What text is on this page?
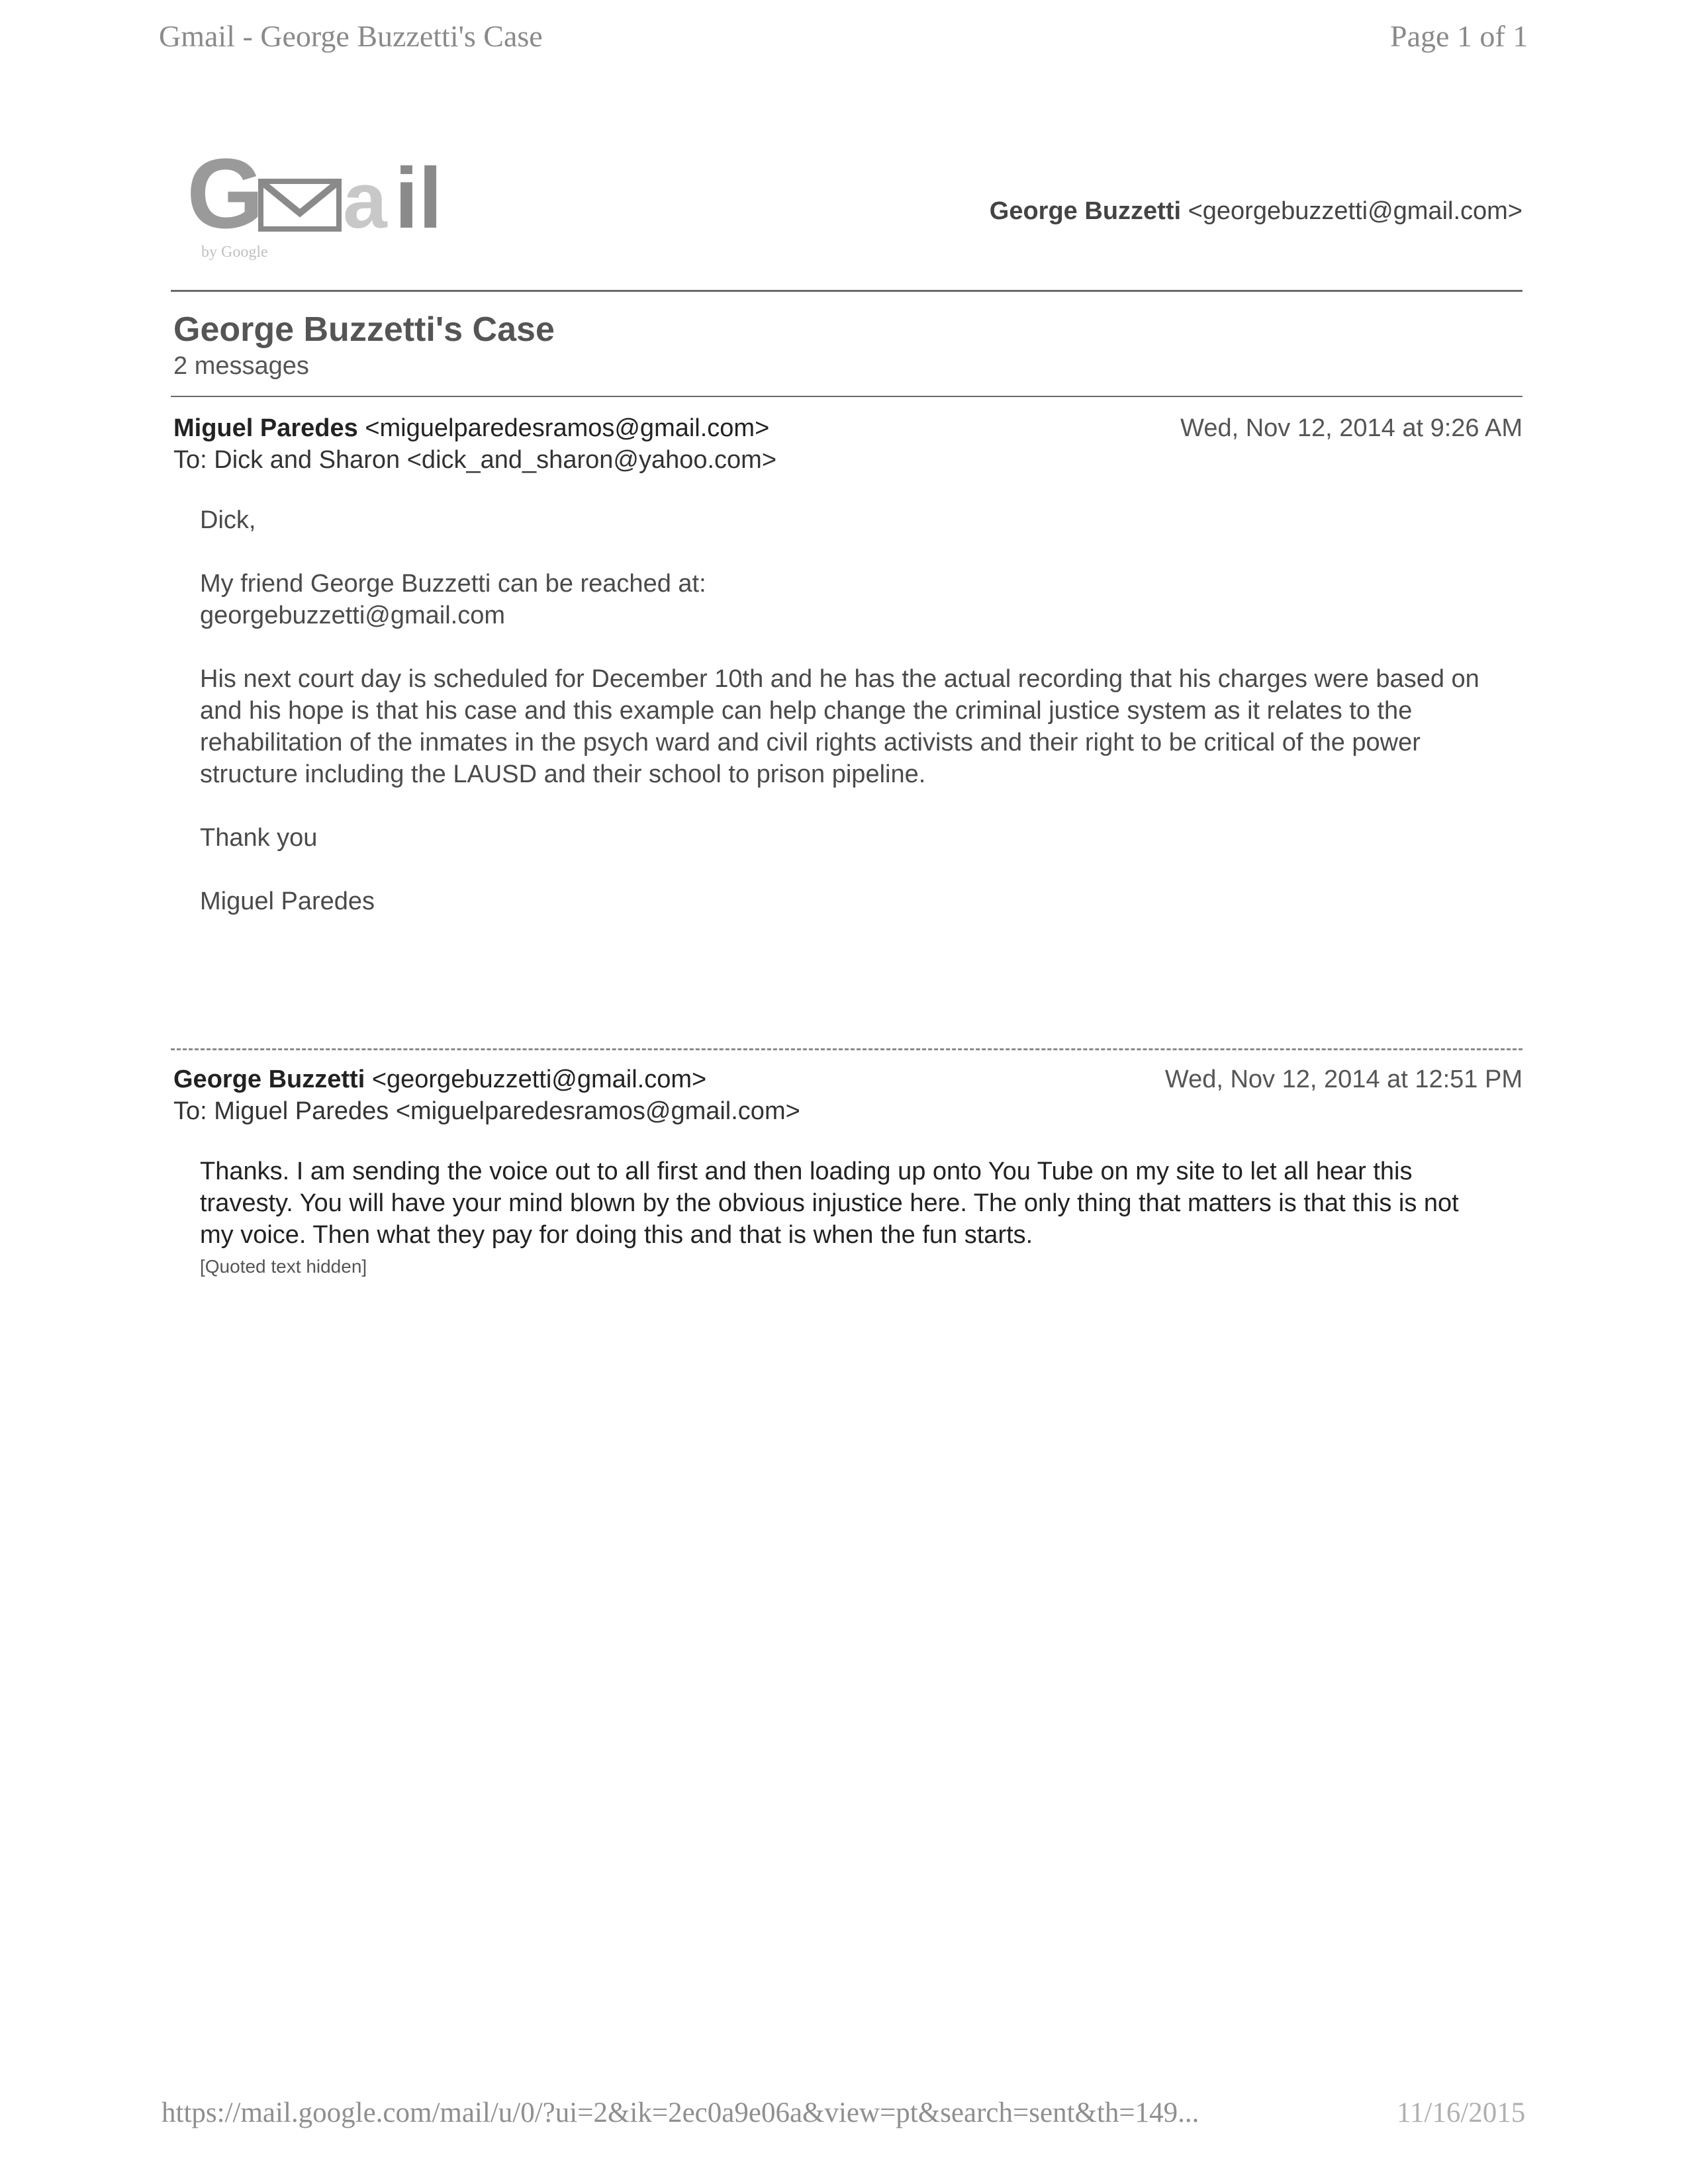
Gmail - George Buzzetti's Case	Page 1 of 1
G a il
by Google
George Buzzetti <georgebuzzetti@gmail.com>
George Buzzetti's Case
2 messages
Miguel Paredes <miguelparedesramos@gmail.com>	Wed, Nov 12, 2014 at 9:26 AM
To: Dick and Sharon <dick_and_sharon@yahoo.com>

Dick,

My friend George Buzzetti can be reached at:

georgebuzzetti@gmail.com

His next court day is scheduled for December 10th and he has the actual recording that his charges were based on and his hope is that his case and this example can help change the criminal justice system as it relates to the rehabilitation of the inmates in the psych ward and civil rights activists and their right to be critical of the power structure including the LAUSD and their school to prison pipeline.

Thank you

Miguel Paredes

George Buzzetti <georgebuzzetti@gmail.com>	Wed, Nov 12, 2014 at 12:51 PM
To: Miguel Paredes <miguelparedesramos@gmail.com>

Thanks. I am sending the voice out to all first and then loading up onto You Tube on my site to let all hear this travesty. You will have your mind blown by the obvious injustice here. The only thing that matters is that this is not my voice. Then what they pay for doing this and that is when the fun starts.

[Quoted text hidden]
https://mail.google.com/mail/u/0/?ui=2&ik=2ec0a9e06a&view=pt&search=sent&th=149...	11/16/2015
